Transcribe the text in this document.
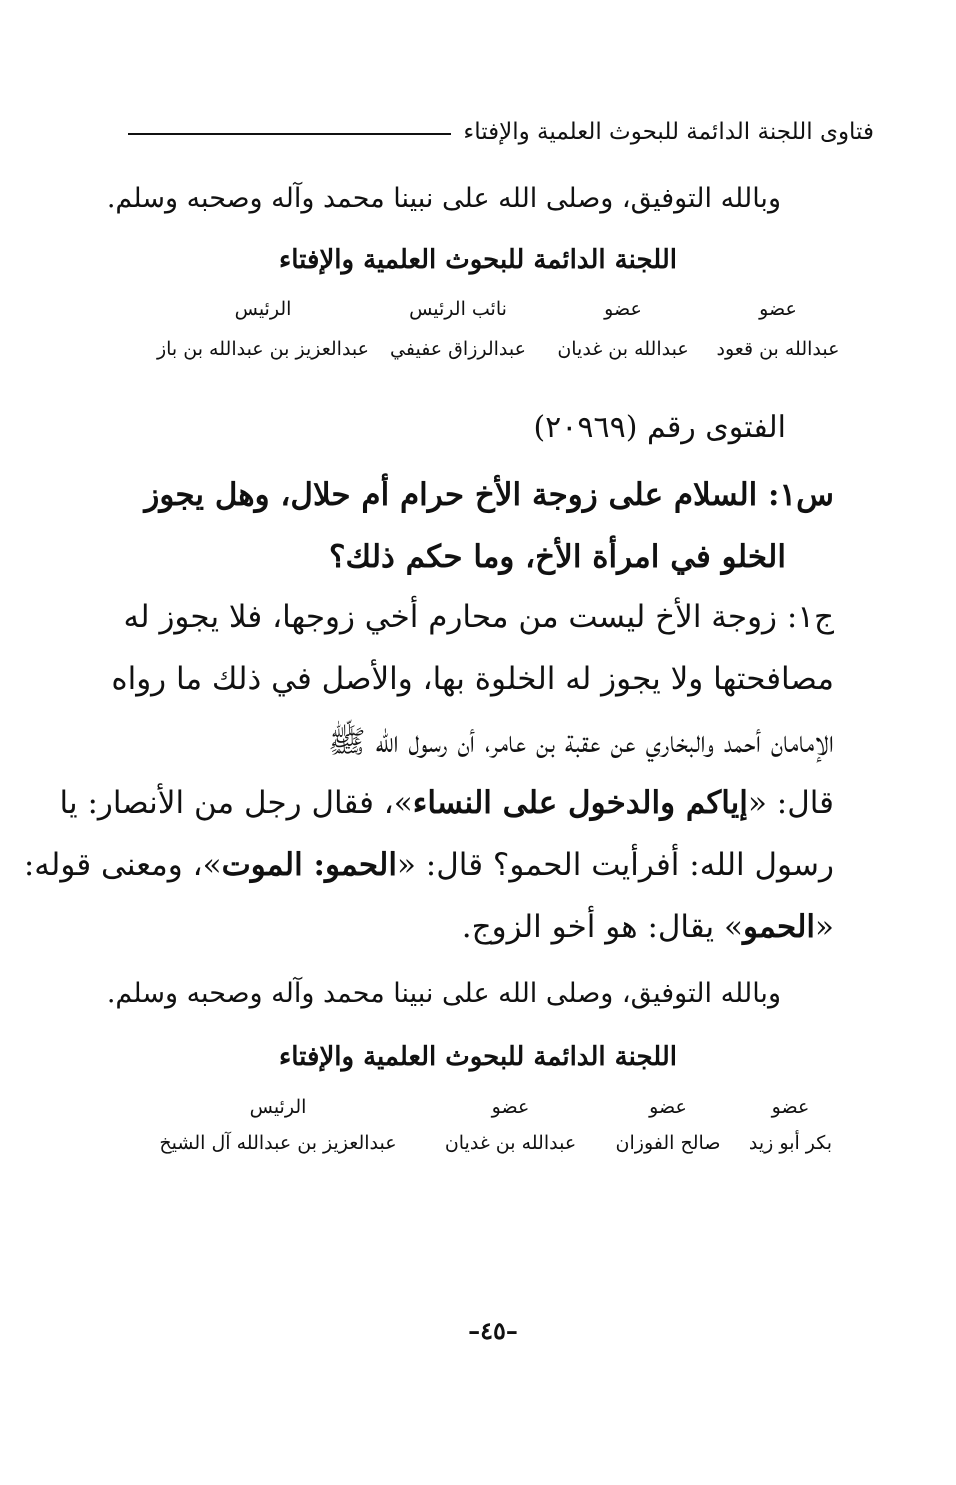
فتاوى اللجنة الدائمة للبحوث العلمية والإفتاء
وبالله التوفيق، وصلى الله على نبينا محمد وآله وصحبه وسلم.
اللجنة الدائمة للبحوث العلمية والإفتاء
عضو
عبدالله بن قعود
عضو
عبدالله بن غديان
نائب الرئيس
عبدالرزاق عفيفي
الرئيس
عبدالعزيز بن عبدالله بن باز
الفتوى رقم (٢٠٩٦٩)
س١: السلام على زوجة الأخ حرام أم حلال، وهل يجوز
الخلو في امرأة الأخ، وما حكم ذلك؟
ج١: زوجة الأخ ليست من محارم أخي زوجها، فلا يجوز له
مصافحتها ولا يجوز له الخلوة بها، والأصل في ذلك ما رواه
الإمامان أحمد والبخاري عن عقبة بن عامر، أن رسول الله ﷺ
قال: «إياكم والدخول على النساء»، فقال رجل من الأنصار: يا
رسول الله: أفرأيت الحمو؟ قال: «الحمو: الموت»، ومعنى قوله:
«الحمو» يقال: هو أخو الزوج.
وبالله التوفيق، وصلى الله على نبينا محمد وآله وصحبه وسلم.
اللجنة الدائمة للبحوث العلمية والإفتاء
عضو
بكر أبو زيد
عضو
صالح الفوزان
عضو
عبدالله بن غديان
الرئيس
عبدالعزيز بن عبدالله آل الشيخ
–٤٥–
